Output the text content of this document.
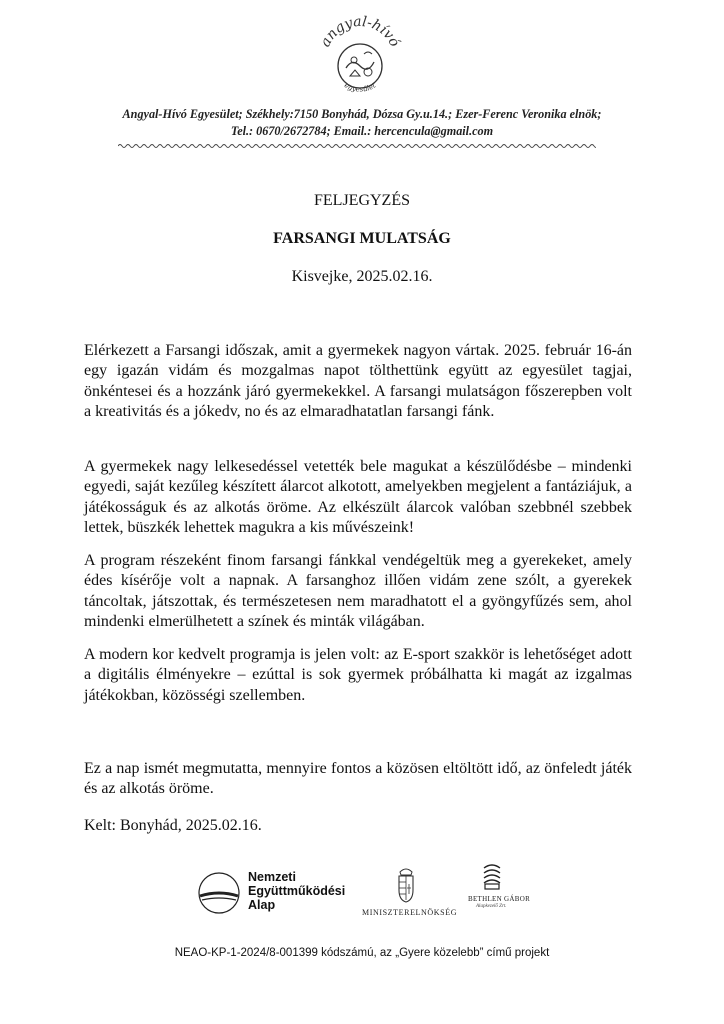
angyal-hívó
egyesület
Angyal-Hívó Egyesület; Székhely:7150 Bonyhád, Dózsa Gy.u.14.; Ezer-Ferenc Veronika elnök;
Tel.: 0670/2672784; Email.: hercencula@gmail.com
FELJEGYZÉS
FARSANGI MULATSÁG
Kisvejke, 2025.02.16.

Elérkezett a Farsangi időszak, amit a gyermekek nagyon vártak. 2025. február 16-án egy igazán vidám és mozgalmas napot tölthettünk együtt az egyesület tagjai, önkéntesei és a hozzánk járó gyermekekkel. A farsangi mulatságon főszerepben volt a kreativitás és a jókedv, no és az elmaradhatatlan farsangi fánk.

A gyermekek nagy lelkesedéssel vetették bele magukat a készülődésbe – mindenki egyedi, saját kezűleg készített álarcot alkotott, amelyekben megjelent a fantáziájuk, a játékosságuk és az alkotás öröme. Az elkészült álarcok valóban szebbnél szebbek lettek, büszkék lehettek magukra a kis művészeink!

A program részeként finom farsangi fánkkal vendégeltük meg a gyerekeket, amely édes kísérője volt a napnak. A farsanghoz illően vidám zene szólt, a gyerekek táncoltak, játszottak, és természetesen nem maradhatott el a gyöngyfűzés sem, ahol mindenki elmerülhetett a színek és minták világában.

A modern kor kedvelt programja is jelen volt: az E-sport szakkör is lehetőséget adott a digitális élményekre – ezúttal is sok gyermek próbálhatta ki magát az izgalmas játékokban, közösségi szellemben.

Ez a nap ismét megmutatta, mennyire fontos a közösen eltöltött idő, az önfeledt játék és az alkotás öröme.

Kelt: Bonyhád, 2025.02.16.

Nemzeti
Együttműködési
Alap
MINISZTERELNÖKSÉG
BETHLEN GÁBOR
Alapkezelő Zrt.
NEAO-KP-1-2024/8-001399 kódszámú, az „Gyere közelebb” című projekt
